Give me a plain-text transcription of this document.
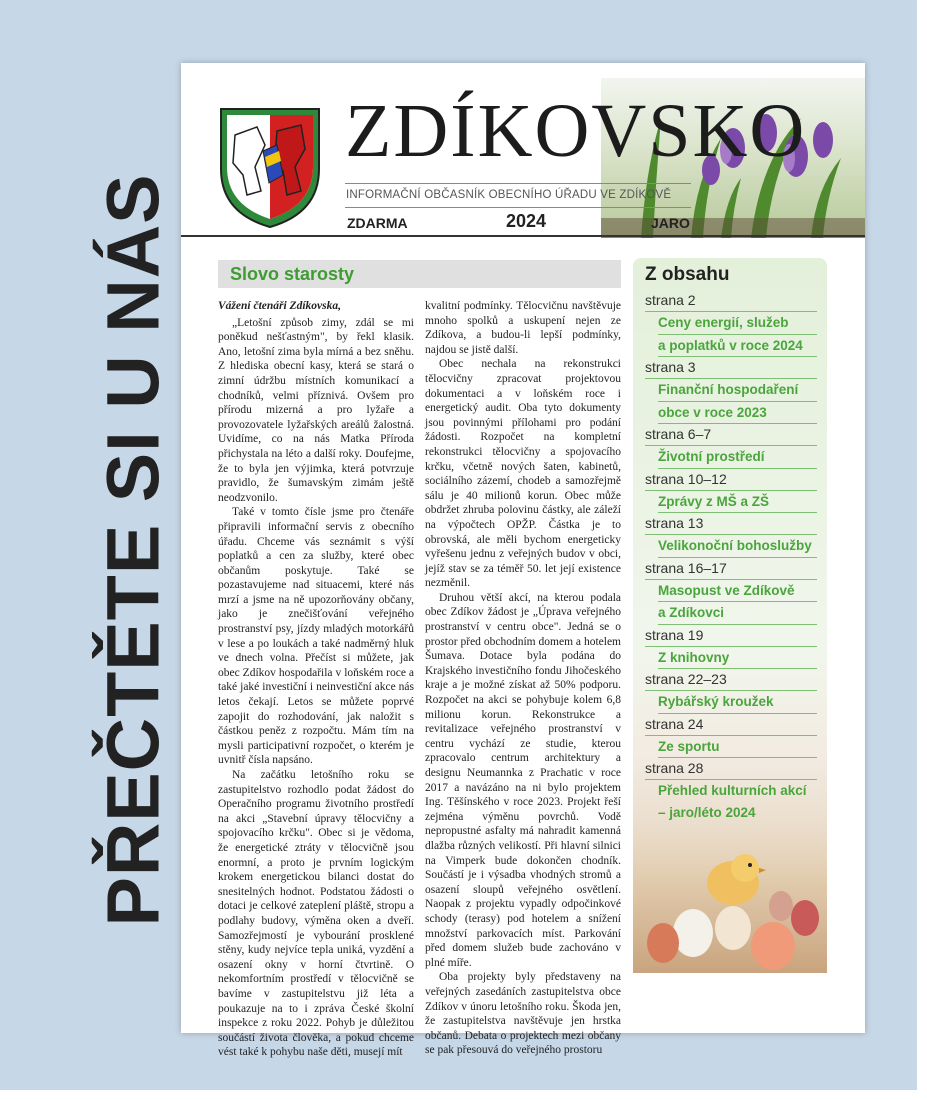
PŘEČTĚTE SI U NÁS
ZDÍKOVSKO
INFORMAČNÍ OBČASNÍK OBECNÍHO ÚŘADU VE ZDÍKOVĚ
ZDARMA	2024	JARO
Slovo starosty

Vážení čtenáři Zdíkovska,

„Letošní způsob zimy, zdál se mi poněkud nešťastným", by řekl klasik. Ano, letošní zima byla mírná a bez sněhu. Z hlediska obecní kasy, která se stará o zimní údržbu místních komunikací a chodníků, velmi příznivá. Ovšem pro přírodu mizerná a pro lyžaře a provozovatele lyžařských areálů žalostná. Uvidíme, co na nás Matka Příroda přichystala na léto a další roky. Doufejme, že to byla jen výjimka, která potvrzuje pravidlo, že šumavským zimám ještě neodzvonilo.

Také v tomto čísle jsme pro čtenáře připravili informační servis z obecního úřadu. Chceme vás seznámit s výší poplatků a cen za služby, které obec občanům poskytuje. Také se pozastavujeme nad situacemi, které nás mrzí a jsme na ně upozorňovány občany, jako je znečišťování veřejného prostranství psy, jízdy mladých motorkářů v lese a po loukách a také nadměrný hluk ve dnech volna. Přečíst si můžete, jak obec Zdíkov hospodařila v loňském roce a také jaké investiční i neinvestiční akce nás letos čekají. Letos se můžete poprvé zapojit do rozhodování, jak naložit s částkou peněz z rozpočtu. Mám tím na mysli participativní rozpočet, o kterém je uvnitř čísla napsáno.

Na začátku letošního roku se zastupitelstvo rozhodlo podat žádost do Operačního programu životního prostředí na akci „Stavební úpravy tělocvičny a spojovacího krčku". Obec si je vědoma, že energetické ztráty v tělocvičně jsou enormní, a proto je prvním logickým krokem energetickou bilanci dostat do snesitelných hodnot. Podstatou žádosti o dotaci je celkové zateplení pláště, stropu a podlahy budovy, výměna oken a dveří. Samozřejmostí je vybourání prosklené stěny, kudy nejvíce tepla uniká, vyzdění a osazení okny v horní čtvrtině. O nekomfortním prostředí v tělocvičně se bavíme v zastupitelstvu již léta a poukazuje na to i zpráva České školní inspekce z roku 2022. Pohyb je důležitou součástí života člověka, a pokud chceme vést také k pohybu naše děti, musejí mít

kvalitní podmínky. Tělocvičnu navštěvuje mnoho spolků a uskupení nejen ze Zdíkova, a budou-li lepší podmínky, najdou se jistě další.

Obec nechala na rekonstrukci tělocvičny zpracovat projektovou dokumentaci a v loňském roce i energetický audit. Oba tyto dokumenty jsou povinnými přílohami pro podání žádosti. Rozpočet na kompletní rekonstrukci tělocvičny a spojovacího krčku, včetně nových šaten, kabinetů, sociálního zázemí, chodeb a samozřejmě sálu je 40 milionů korun. Obec může obdržet zhruba polovinu částky, ale záleží na výpočtech OPŽP. Částka je to obrovská, ale měli bychom energeticky vyřešenu jednu z veřejných budov v obci, jejíž stav se za téměř 50. let její existence nezměnil.

Druhou větší akcí, na kterou podala obec Zdíkov žádost je „Úprava veřejného prostranství v centru obce". Jedná se o prostor před obchodním domem a hotelem Šumava. Dotace byla podána do Krajského investičního fondu Jihočeského kraje a je možné získat až 50% podporu. Rozpočet na akci se pohybuje kolem 6,8 milionu korun. Rekonstrukce a revitalizace veřejného prostranství v centru vychází ze studie, kterou zpracovalo centrum architektury a designu Neumannka z Prachatic v roce 2017 a navázáno na ni bylo projektem Ing. Těšínského v roce 2023. Projekt řeší zejména výměnu povrchů. Vodě nepropustné asfalty má nahradit kamenná dlažba různých velikostí. Při hlavní silnici na Vimperk bude dokončen chodník. Součástí je i výsadba vhodných stromů a osazení sloupů veřejného osvětlení. Naopak z projektu vypadly odpočinkové schody (terasy) pod hotelem a snížení množství parkovacích míst. Parkování před domem služeb bude zachováno v plné míře.

Oba projekty byly představeny na veřejných zasedáních zastupitelstva obce Zdíkov v únoru letošního roku. Škoda jen, že zastupitelstva navštěvuje jen hrstka občanů. Debata o projektech mezi občany se pak přesouvá do veřejného prostoru

Z obsahu
strana 2
Ceny energií, služeb
a poplatků v roce 2024
strana 3
Finanční hospodaření
obce v roce 2023
strana 6–7
Životní prostředí
strana 10–12
Zprávy z MŠ a ZŠ
strana 13
Velikonoční bohoslužby
strana 16–17
Masopust ve Zdíkově
a Zdíkovci
strana 19
Z knihovny
strana 22–23
Rybářský kroužek
strana 24
Ze sportu
strana 28
Přehled kulturních akcí
– jaro/léto 2024
